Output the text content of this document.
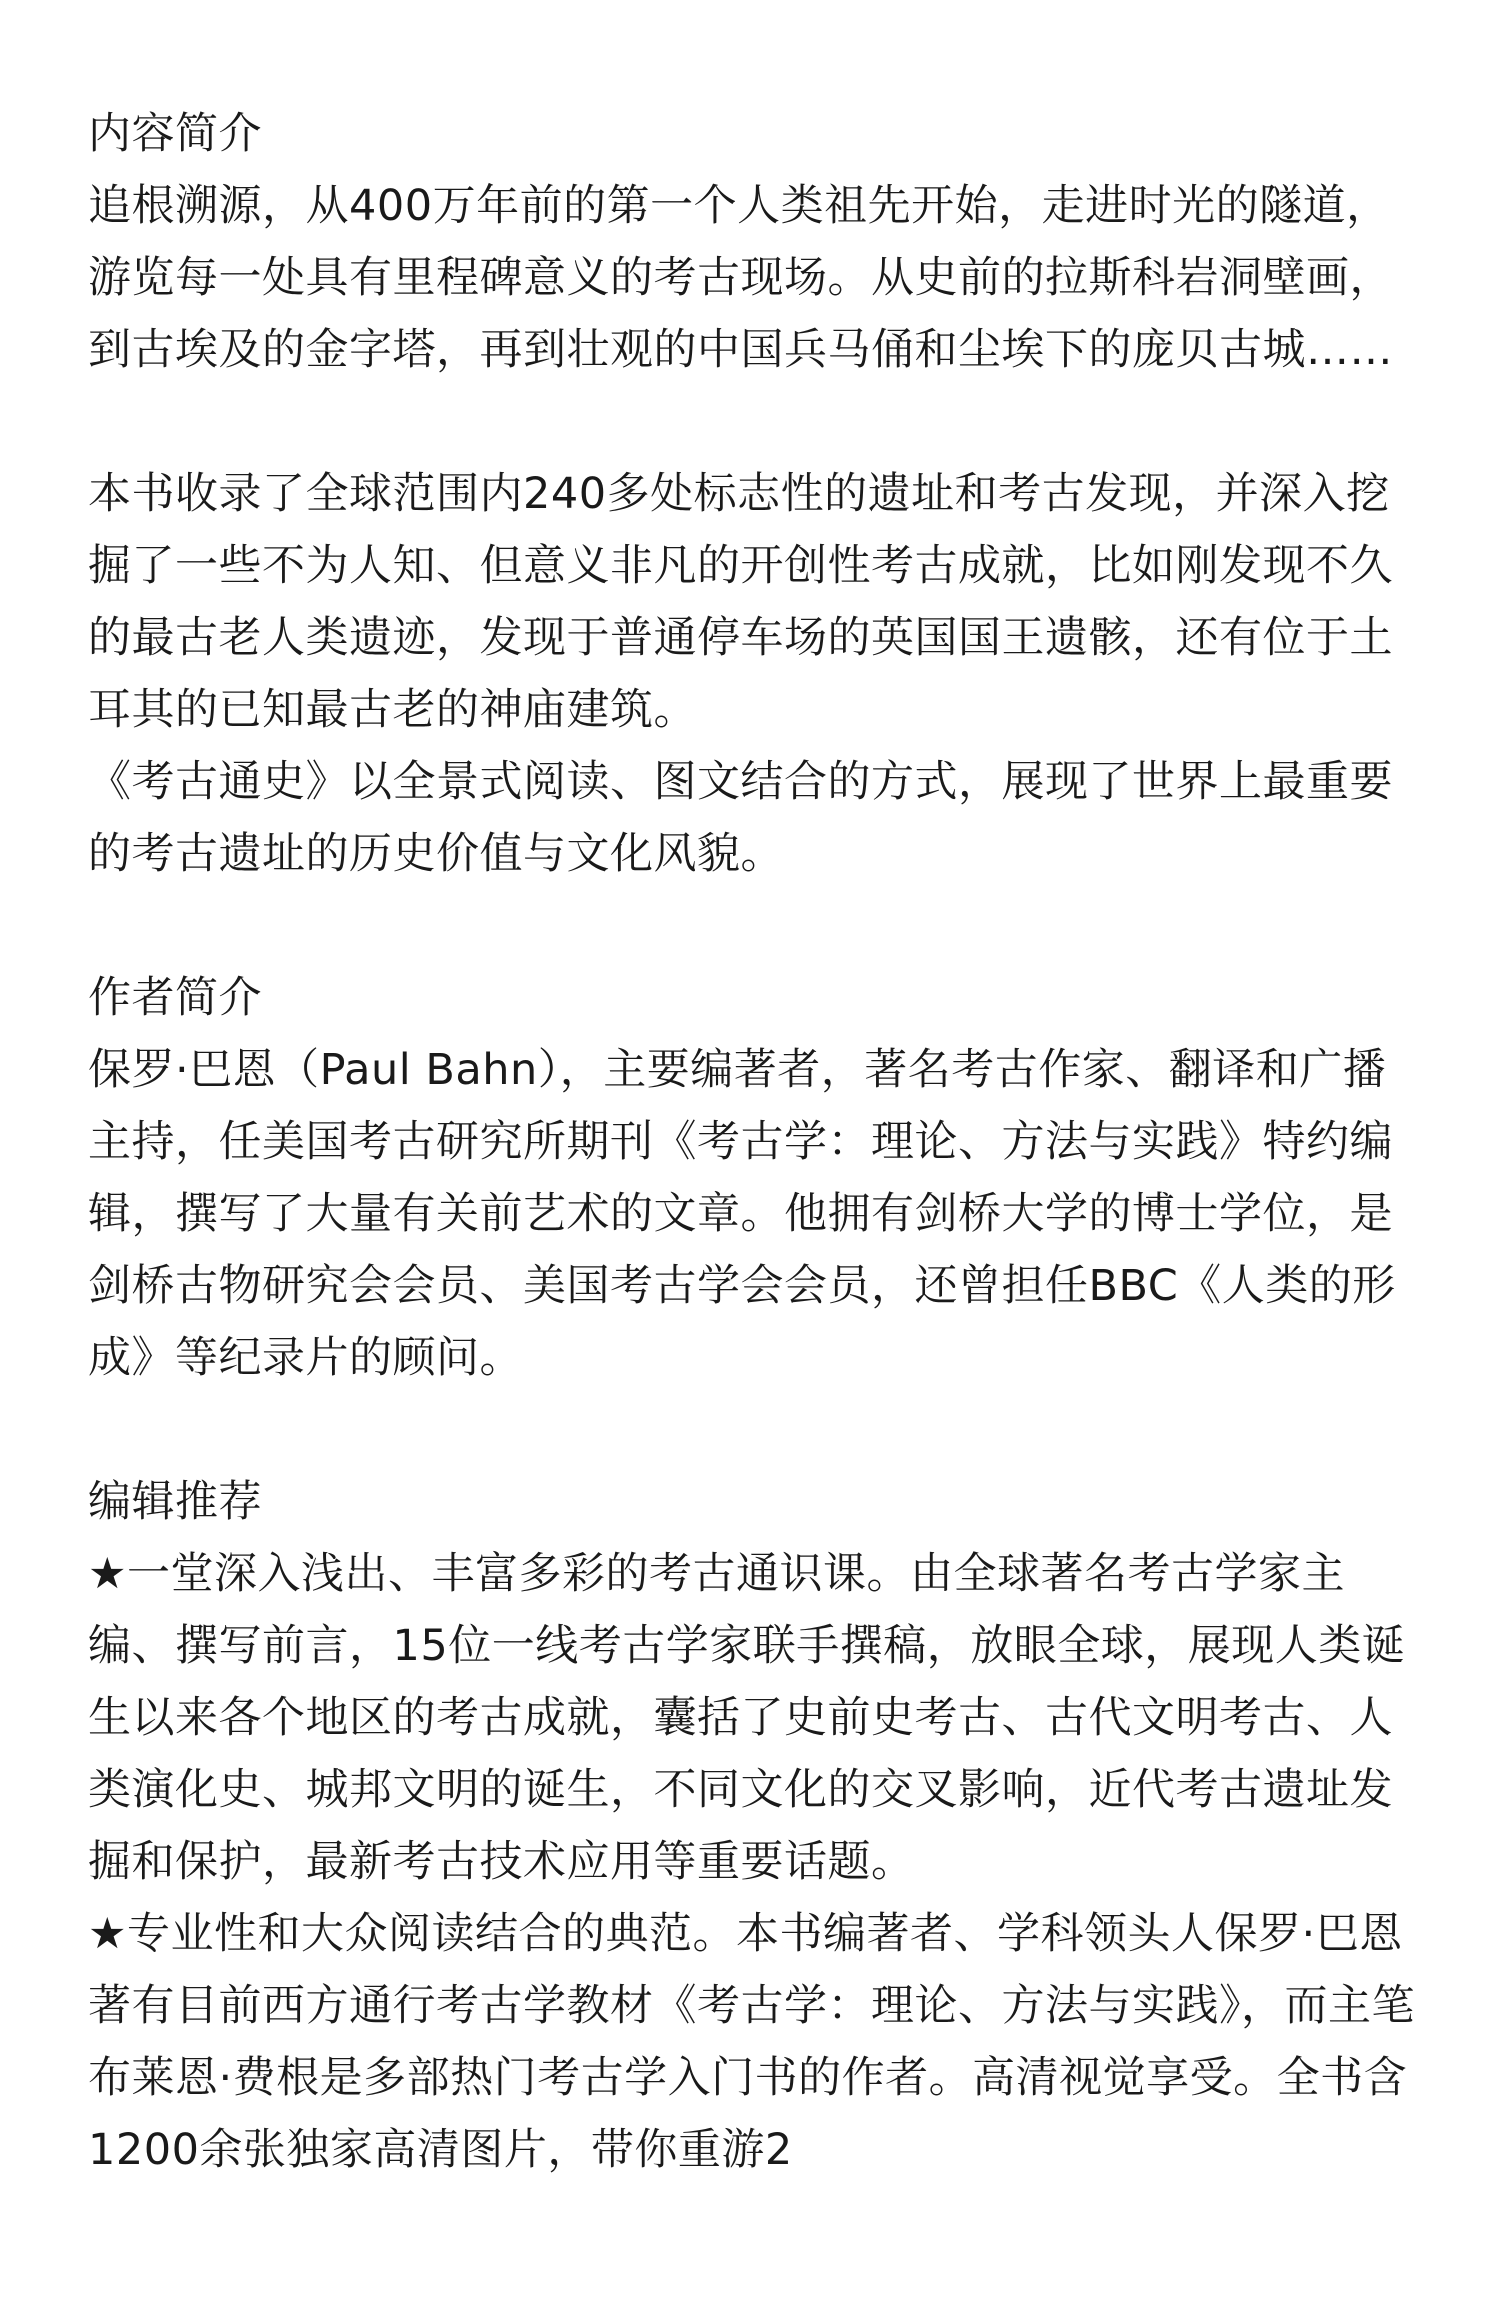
内容简介

追根溯源，从400万年前的第一个人类祖先开始，走进时光的隧道，游览每一处具有里程碑意义的考古现场。从史前的拉斯科岩洞壁画，到古埃及的金字塔，再到壮观的中国兵马俑和尘埃下的庞贝古城……

本书收录了全球范围内240多处标志性的遗址和考古发现，并深入挖掘了一些不为人知、但意义非凡的开创性考古成就，比如刚发现不久的最古老人类遗迹，发现于普通停车场的英国国王遗骸，还有位于土耳其的已知最古老的神庙建筑。

《考古通史》以全景式阅读、图文结合的方式，展现了世界上最重要的考古遗址的历史价值与文化风貌。

作者简介

保罗·巴恩（Paul Bahn），主要编著者，著名考古作家、翻译和广播主持，任美国考古研究所期刊《考古学：理论、方法与实践》特约编辑，撰写了大量有关前艺术的文章。他拥有剑桥大学的博士学位，是剑桥古物研究会会员、美国考古学会会员，还曾担任BBC《人类的形成》等纪录片的顾问。

编辑推荐

★一堂深入浅出、丰富多彩的考古通识课。由全球著名考古学家主编、撰写前言，15位一线考古学家联手撰稿，放眼全球，展现人类诞生以来各个地区的考古成就，囊括了史前史考古、古代文明考古、人类演化史、城邦文明的诞生，不同文化的交叉影响，近代考古遗址发掘和保护，最新考古技术应用等重要话题。

★专业性和大众阅读结合的典范。本书编著者、学科领头人保罗·巴恩著有目前西方通行考古学教材《考古学：理论、方法与实践》，而主笔布莱恩·费根是多部热门考古学入门书的作者。高清视觉享受。全书含1200余张独家高清图片，带你重游2
